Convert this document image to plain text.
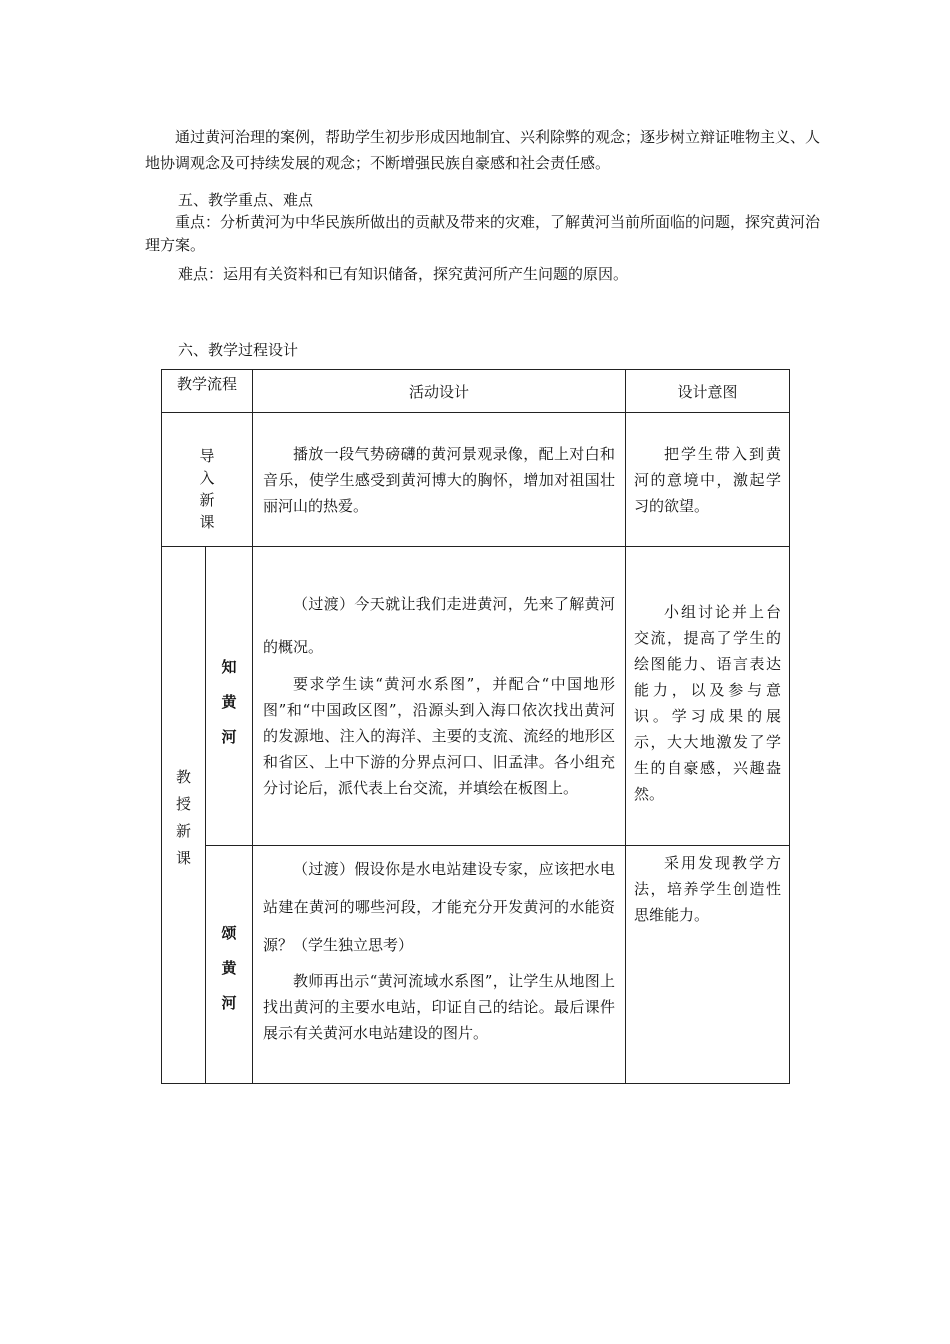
通过黄河治理的案例，帮助学生初步形成因地制宜、兴利除弊的观念；逐步树立辩证唯物主义、人地协调观念及可持续发展的观念；不断增强民族自豪感和社会责任感。
五、教学重点、难点
重点：分析黄河为中华民族所做出的贡献及带来的灾难，了解黄河当前所面临的问题，探究黄河治理方案。
难点：运用有关资料和已有知识储备，探究黄河所产生问题的原因。
六、教学过程设计
教学流程		活动设计	设计意图
导入新课		播放一段气势磅礴的黄河景观录像，配上对白和音乐，使学生感受到黄河博大的胸怀，增加对祖国壮丽河山的热爱。	把学生带入到黄河的意境中，激起学习的欲望。

教授新课	知黄河	（过渡）今天就让我们走进黄河，先来了解黄河的概况。

要求学生读“黄河水系图”，并配合“中国地形图”和“中国政区图”，沿源头到入海口依次找出黄河的发源地、注入的海洋、主要的支流、流经的地形区和省区、上中下游的分界点河口、旧孟津。各小组充分讨论后，派代表上台交流，并填绘在板图上。	小组讨论并上台交流，提高了学生的绘图能力、语言表达能力，以及参与意识。学习成果的展示，大大地激发了学生的自豪感，兴趣盎然。

	颂黄河	（过渡）假设你是水电站建设专家，应该把水电站建在黄河的哪些河段，才能充分开发黄河的水能资源？（学生独立思考）

教师再出示“黄河流域水系图”，让学生从地图上找出黄河的主要水电站，印证自己的结论。最后课件展示有关黄河水电站建设的图片。	采用发现教学方法，培养学生创造性思维能力。
